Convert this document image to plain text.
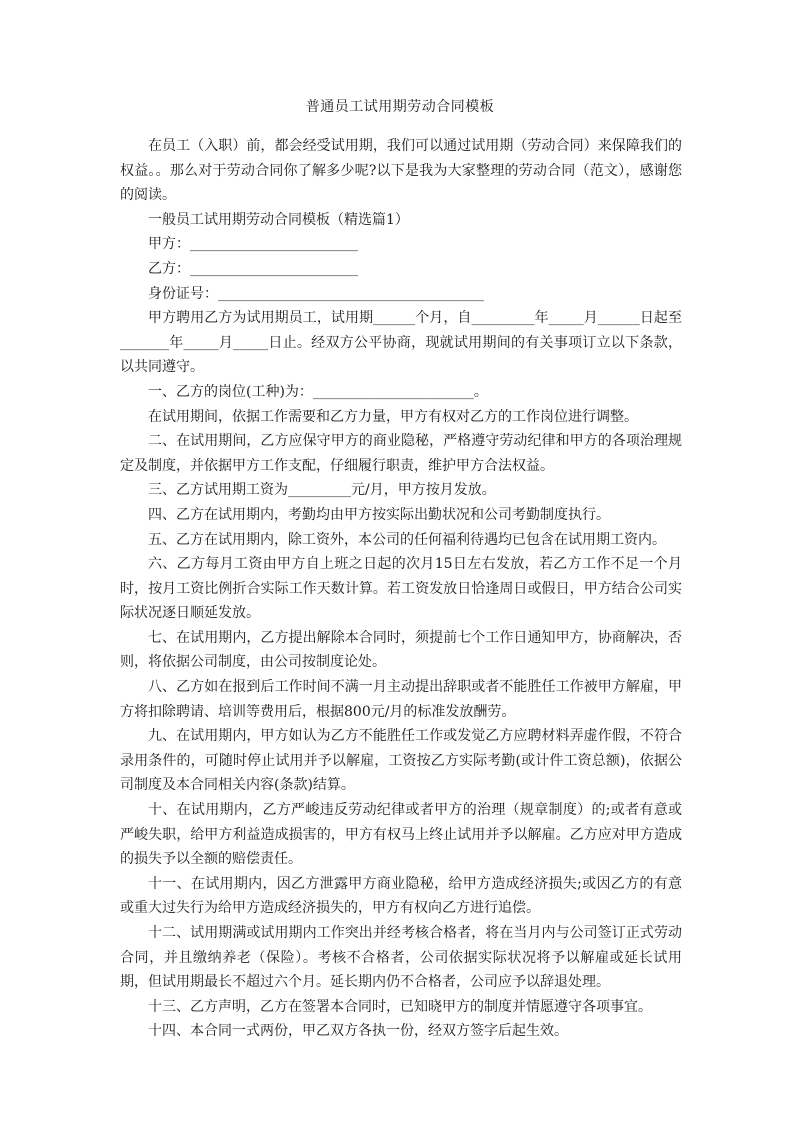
普通员工试用期劳动合同模板

在员工（入职）前，都会经受试用期，我们可以通过试用期（劳动合同）来保障我们的权益。。那么对于劳动合同你了解多少呢?以下是我为大家整理的劳动合同（范文），感谢您的阅读。

一般员工试用期劳动合同模板（精选篇1）

甲方：________________________

乙方：________________________

身份证号：______________________________________

甲方聘用乙方为试用期员工，试用期______个月，自_________年_____月______日起至_______年_____月_____日止。经双方公平协商，现就试用期间的有关事项订立以下条款，以共同遵守。

一、乙方的岗位(工种)为：_______________________。

在试用期间，依据工作需要和乙方力量，甲方有权对乙方的工作岗位进行调整。

二、在试用期间，乙方应保守甲方的商业隐秘，严格遵守劳动纪律和甲方的各项治理规定及制度，并依据甲方工作支配，仔细履行职责，维护甲方合法权益。

三、乙方试用期工资为_________元/月，甲方按月发放。

四、乙方在试用期内，考勤均由甲方按实际出勤状况和公司考勤制度执行。

五、乙方在试用期内，除工资外，本公司的任何福利待遇均已包含在试用期工资内。

六、乙方每月工资由甲方自上班之日起的次月15日左右发放，若乙方工作不足一个月时，按月工资比例折合实际工作天数计算。若工资发放日恰逢周日或假日，甲方结合公司实际状况逐日顺延发放。

七、在试用期内，乙方提出解除本合同时，须提前七个工作日通知甲方，协商解决，否则，将依据公司制度，由公司按制度论处。

八、乙方如在报到后工作时间不满一月主动提出辞职或者不能胜任工作被甲方解雇，甲方将扣除聘请、培训等费用后，根据800元/月的标准发放酬劳。

九、在试用期内，甲方如认为乙方不能胜任工作或发觉乙方应聘材料弄虚作假，不符合录用条件的，可随时停止试用并予以解雇，工资按乙方实际考勤(或计件工资总额)，依据公司制度及本合同相关内容(条款)结算。

十、在试用期内，乙方严峻违反劳动纪律或者甲方的治理（规章制度）的;或者有意或严峻失职，给甲方利益造成损害的，甲方有权马上终止试用并予以解雇。乙方应对甲方造成的损失予以全额的赔偿责任。

十一、在试用期内，因乙方泄露甲方商业隐秘，给甲方造成经济损失;或因乙方的有意或重大过失行为给甲方造成经济损失的，甲方有权向乙方进行追偿。

十二、试用期满或试用期内工作突出并经考核合格者，将在当月内与公司签订正式劳动合同，并且缴纳养老（保险）。考核不合格者，公司依据实际状况将予以解雇或延长试用期，但试用期最长不超过六个月。延长期内仍不合格者，公司应予以辞退处理。

十三、乙方声明，乙方在签署本合同时，已知晓甲方的制度并情愿遵守各项事宜。

十四、本合同一式两份，甲乙双方各执一份，经双方签字后起生效。
